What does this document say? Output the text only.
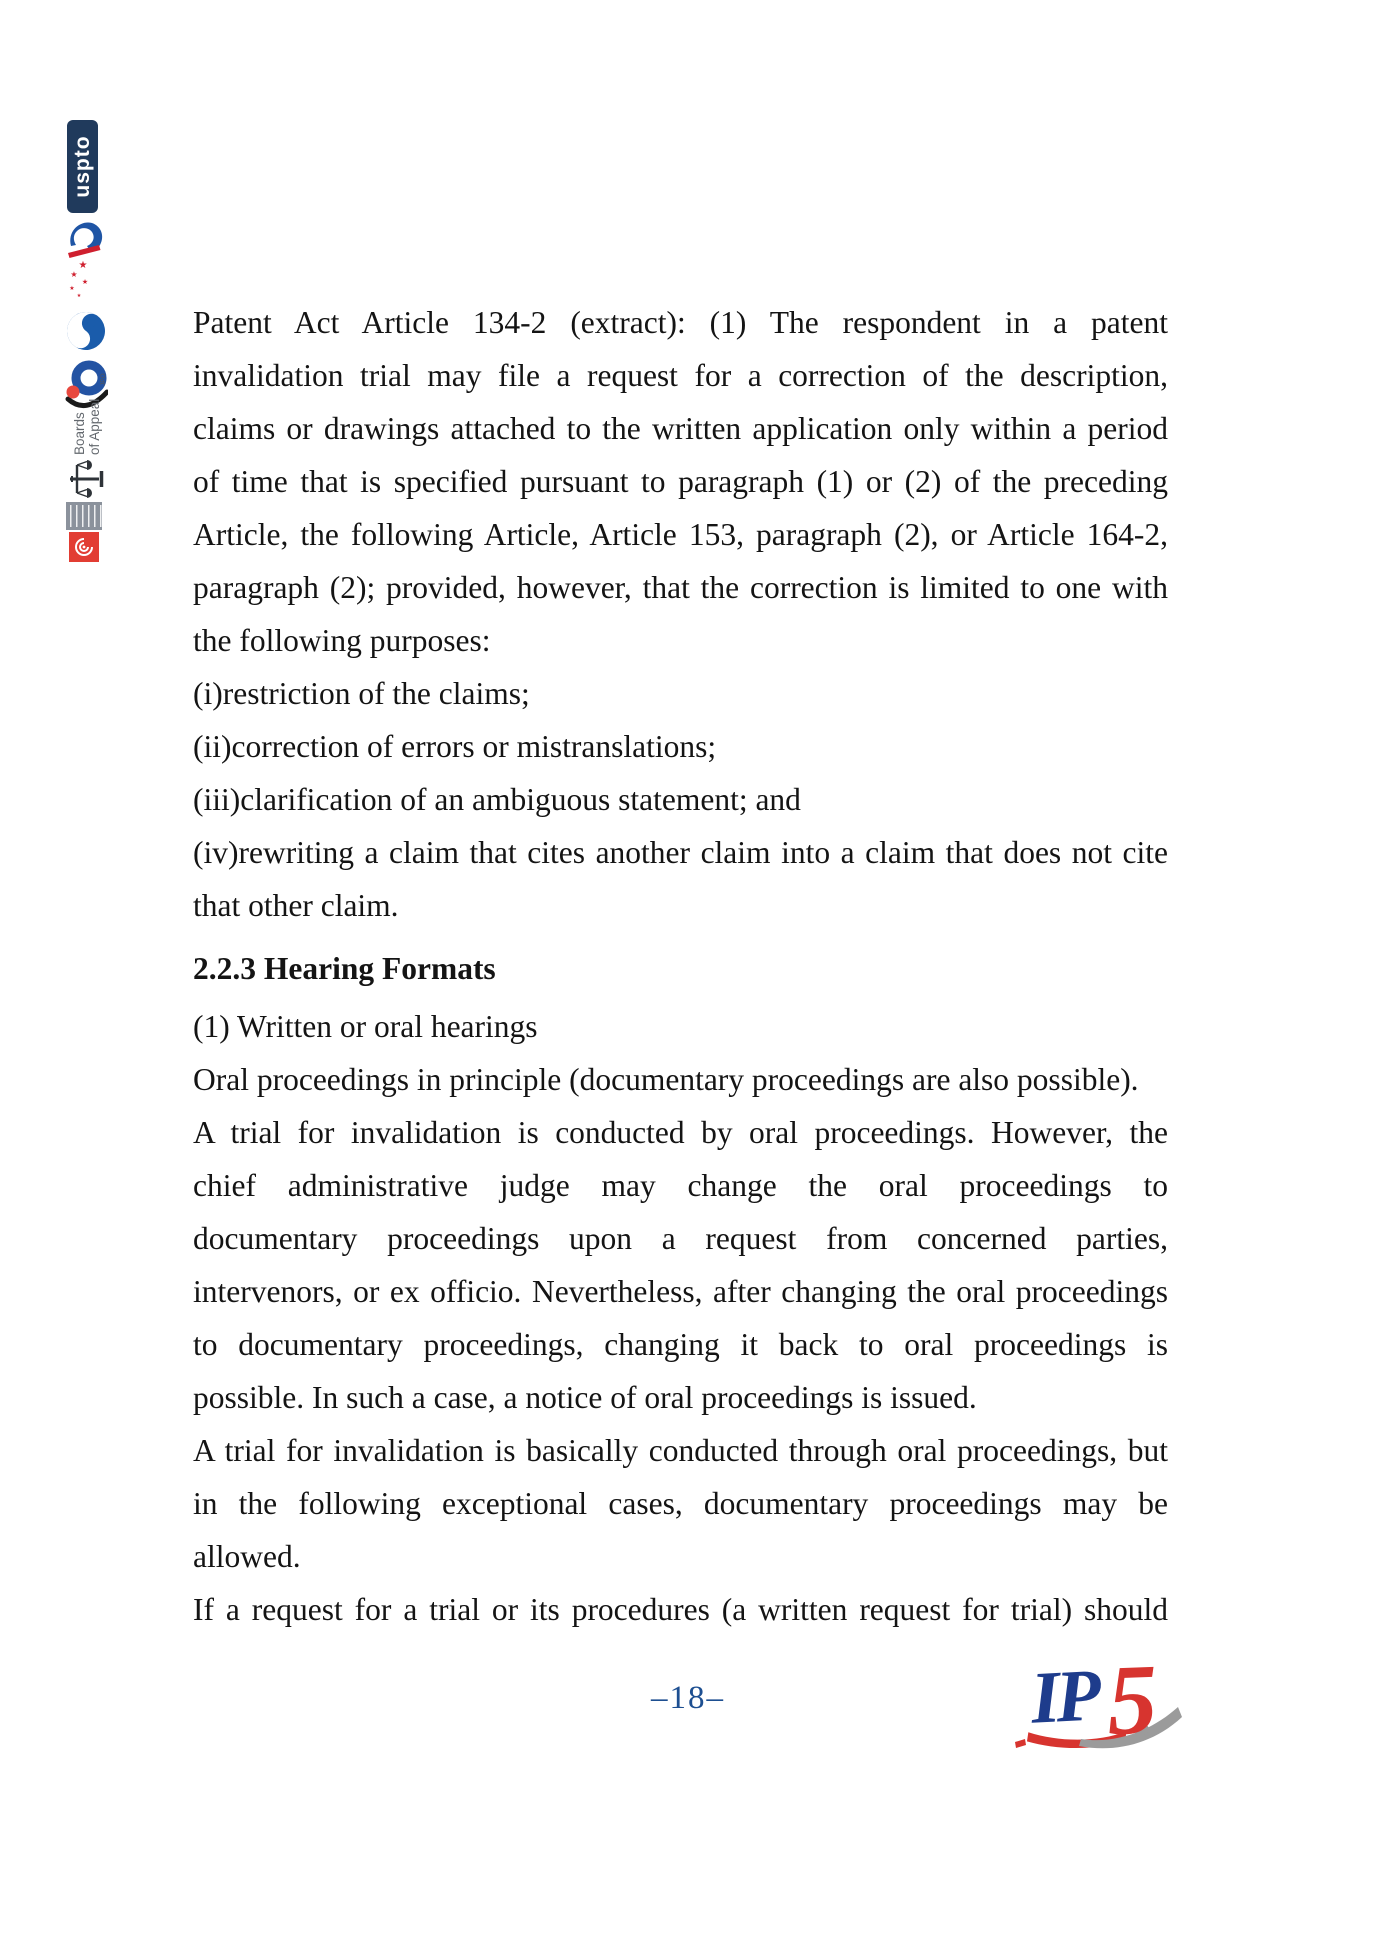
uspto
★
★
★
★
★
JPO
Boards of Appeal
Patent Act Article 134-2 (extract): (1) The respondent in a patent
invalidation trial may file a request for a correction of the description,
claims or drawings attached to the written application only within a period
of time that is specified pursuant to paragraph (1) or (2) of the preceding
Article, the following Article, Article 153, paragraph (2), or Article 164-2,
paragraph (2); provided, however, that the correction is limited to one with
the following purposes:
(i)restriction of the claims;
(ii)correction of errors or mistranslations;
(iii)clarification of an ambiguous statement; and
(iv)rewriting a claim that cites another claim into a claim that does not cite
that other claim.
2.2.3 Hearing Formats
(1) Written or oral hearings
Oral proceedings in principle (documentary proceedings are also possible).
A trial for invalidation is conducted by oral proceedings. However, the
chief administrative judge may change the oral proceedings to
documentary proceedings upon a request from concerned parties,
intervenors, or ex officio. Nevertheless, after changing the oral proceedings
to documentary proceedings, changing it back to oral proceedings is
possible. In such a case, a notice of oral proceedings is issued.
A trial for invalidation is basically conducted through oral proceedings, but
in the following exceptional cases, documentary proceedings may be
allowed.
If a request for a trial or its procedures (a written request for trial) should
–18–	IP 5
